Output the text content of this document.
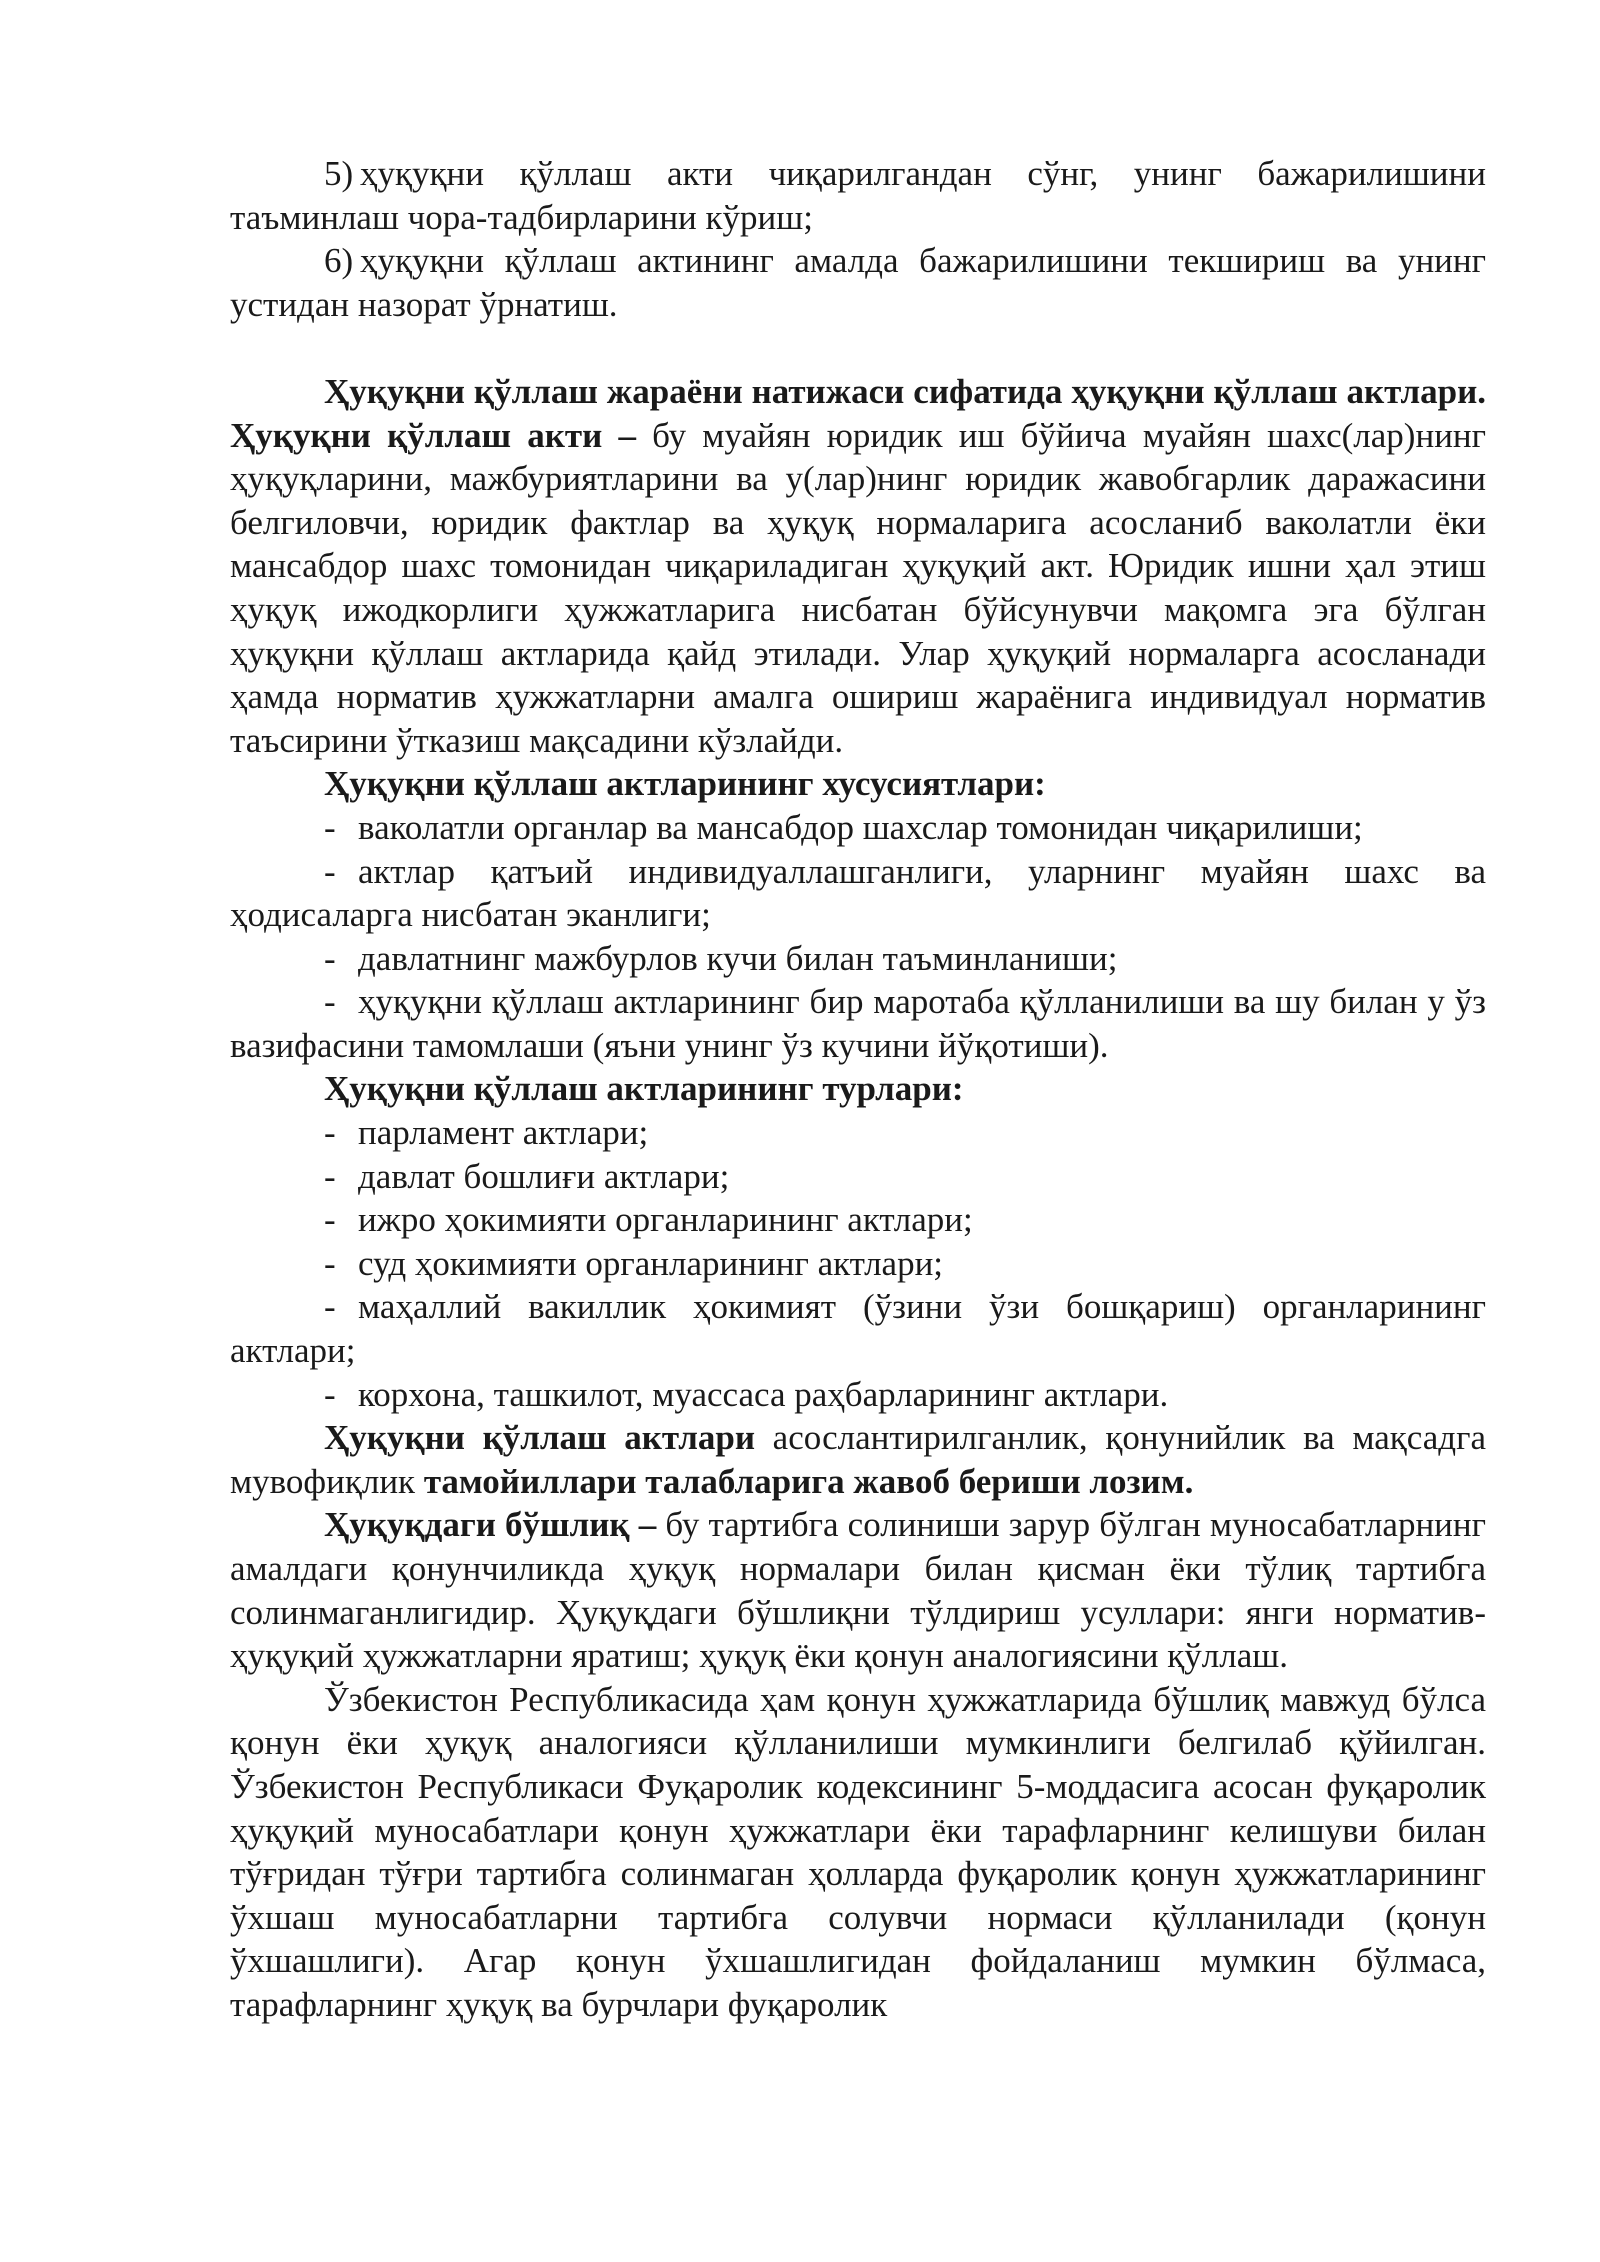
5) ҳуқуқни қўллаш акти чиқарилгандан сўнг, унинг бажарилишини таъминлаш чора-тадбирларини кўриш;

6) ҳуқуқни қўллаш актининг амалда бажарилишини текшириш ва унинг устидан назорат ўрнатиш.

Ҳуқуқни қўллаш жараёни натижаси сифатида ҳуқуқни қўллаш актлари. Ҳуқуқни қўллаш акти – бу муайян юридик иш бўйича муайян шахс(лар)нинг ҳуқуқларини, мажбуриятларини ва у(лар)нинг юридик жавобгарлик даражасини белгиловчи, юридик фактлар ва ҳуқуқ нормаларига асосланиб ваколатли ёки мансабдор шахс томонидан чиқариладиган ҳуқуқий акт. Юридик ишни ҳал этиш ҳуқуқ ижодкорлиги ҳужжатларига нисбатан бўйсунувчи мақомга эга бўлган ҳуқуқни қўллаш актларида қайд этилади. Улар ҳуқуқий нормаларга асосланади ҳамда норматив ҳужжатларни амалга ошириш жараёнига индивидуал норматив таъсирини ўтказиш мақсадини кўзлайди.

Ҳуқуқни қўллаш актларининг хусусиятлари:

- ваколатли органлар ва мансабдор шахслар томонидан чиқарилиши;

- актлар қатъий индивидуаллашганлиги, уларнинг муайян шахс ва ҳодисаларга нисбатан эканлиги;

- давлатнинг мажбурлов кучи билан таъминланиши;

- ҳуқуқни қўллаш актларининг бир маротаба қўлланилиши ва шу билан у ўз вазифасини тамомлаши (яъни унинг ўз кучини йўқотиши).

Ҳуқуқни қўллаш актларининг турлари:

- парламент актлари;

- давлат бошлиғи актлари;

- ижро ҳокимияти органларининг актлари;

- суд ҳокимияти органларининг актлари;

- маҳаллий вакиллик ҳокимият (ўзини ўзи бошқариш) органларининг актлари;

- корхона, ташкилот, муассаса раҳбарларининг актлари.

Ҳуқуқни қўллаш актлари асослантирилганлик, қонунийлик ва мақсадга мувофиқлик тамойиллари талабларига жавоб бериши лозим.

Ҳуқуқдаги бўшлиқ – бу тартибга солиниши зарур бўлган муносабатларнинг амалдаги қонунчиликда ҳуқуқ нормалари билан қисман ёки тўлиқ тартибга солинмаганлигидир. Ҳуқуқдаги бўшлиқни тўлдириш усуллари: янги норматив-ҳуқуқий ҳужжатларни яратиш; ҳуқуқ ёки қонун аналогиясини қўллаш.

Ўзбекистон Республикасида ҳам қонун ҳужжатларида бўшлиқ мавжуд бўлса қонун ёки ҳуқуқ аналогияси қўлланилиши мумкинлиги белгилаб қўйилган. Ўзбекистон Республикаси Фуқаролик кодексининг 5-моддасига асосан фуқаролик ҳуқуқий муносабатлари қонун ҳужжатлари ёки тарафларнинг келишуви билан тўғридан тўғри тартибга солинмаган ҳолларда фуқаролик қонун ҳужжатларининг ўхшаш муносабатларни тартибга солувчи нормаси қўлланилади (қонун ўхшашлиги). Агар қонун ўхшашлигидан фойдаланиш мумкин бўлмаса, тарафларнинг ҳуқуқ ва бурчлари фуқаролик
